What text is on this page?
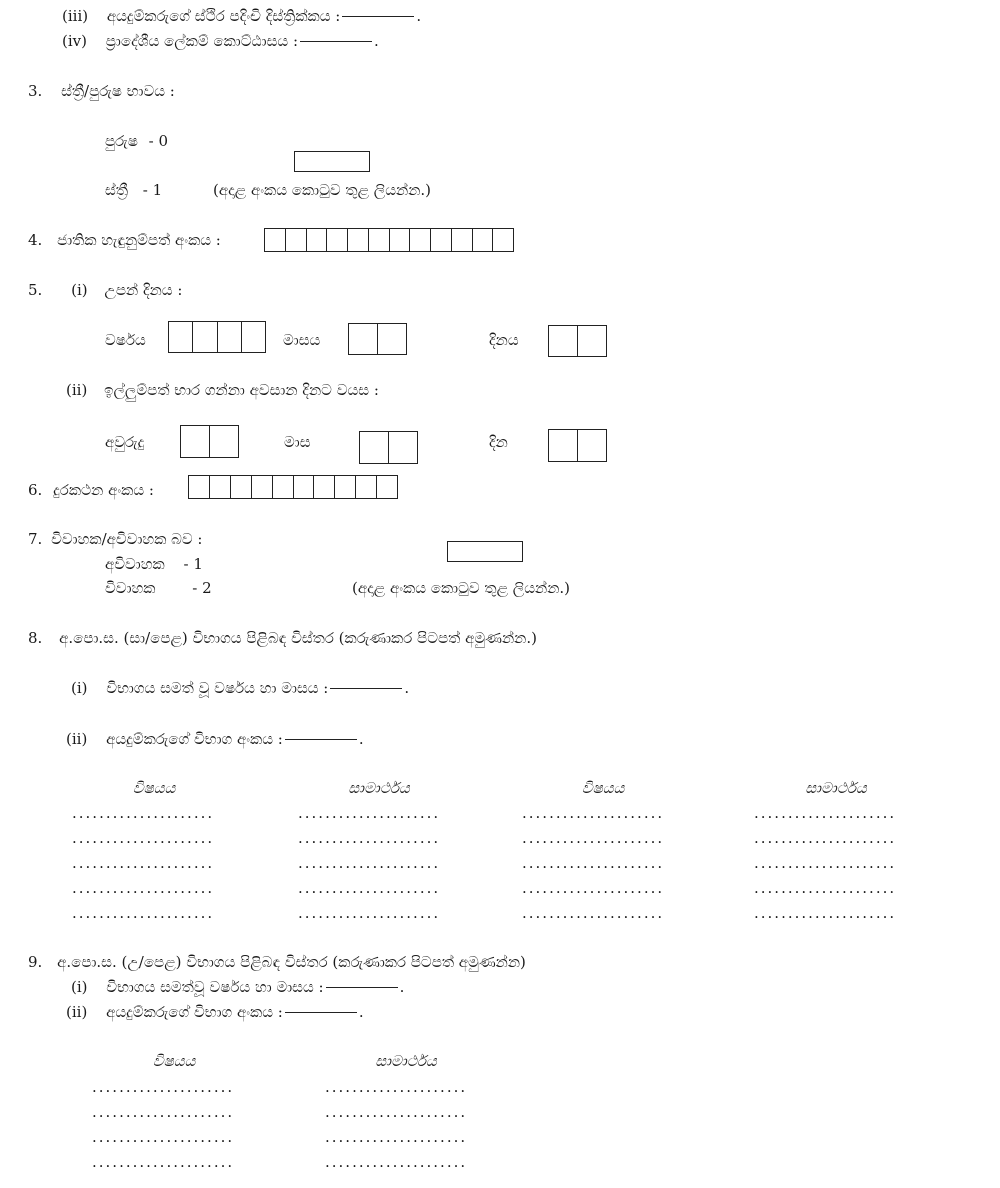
(iii) අයදුම්කරුගේ ස්ථිර පදිංචි දිස්ත්‍රික්කය :	.
(iv) ප්‍රාදේශීය ලේකම් කොට්ඨාසය :	.
3. ස්ත්‍රී/පුරුෂ භාවය :
පුරුෂ - 0
ස්ත්‍රී - 1	(අදාළ අංකය කොටුව තුළ ලියන්න.)
4. ජාතික හැඳුනුම්පත් අංකය :
5. (i) උපන් දිනය :
වර්ෂය	මාසය	දිනය
(ii) ඉල්ලුම්පත් භාර ගන්නා අවසාන දිනට වයස :
අවුරුදු	මාස	දින
6. දුරකථන අංකය :
7. විවාහක/අවිවාහක බව :
අවිවාහක - 1
විවාහක - 2	(අදාළ අංකය කොටුව තුළ ලියන්න.)
8. අ.පො.ස. (සා/පෙළ) විභාගය පිළිබඳ විස්තර (කරුණාකර පිටපත් අමුණන්න.)
(i) විභාගය සමත් වූ වර්ෂය හා මාසය :	.
(ii) අයදුම්කරුගේ විභාග අංකය :	.
විෂයය	සාමාර්ථය	විෂයය	සාමාර්ථය
.....................	.....................	.....................	.....................
.....................	.....................	.....................	.....................
.....................	.....................	.....................	.....................
.....................	.....................	.....................	.....................
.....................	.....................	.....................	.....................
9. අ.පො.ස. (උ/පෙළ) විභාගය පිළිබඳ විස්තර (කරුණාකර පිටපත් අමුණන්න)
(i) විභාගය සමත්වූ වර්ෂය හා මාසය :	.
(ii) අයදුම්කරුගේ විභාග අංකය :	.
විෂයය	සාමාර්ථය
.....................	.....................
.....................	.....................
.....................	.....................
.....................	.....................
